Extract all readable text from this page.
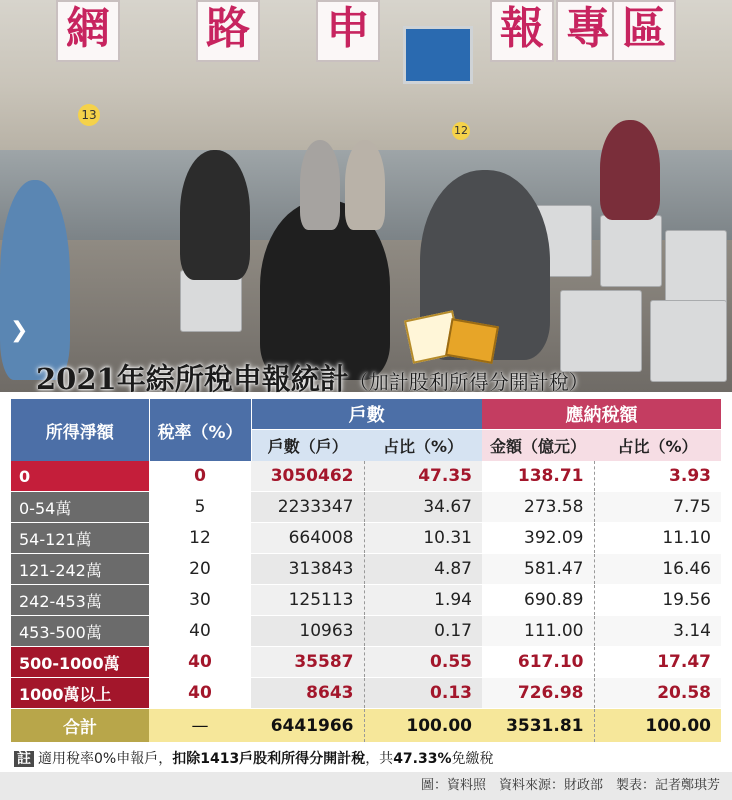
網 路 申	報 專 區
13
12
❯
2021年綜所稅申報統計（加計股利所得分開計稅）
所得淨額	稅率（%）	戶數		應納稅額	
		戶數（戶）	占比（%）	金額（億元）	占比（%）
0	0	3050462	47.35	138.71	3.93
0-54萬	5	2233347	34.67	273.58	7.75
54-121萬	12	664008	10.31	392.09	11.10
121-242萬	20	313843	4.87	581.47	16.46
242-453萬	30	125113	1.94	690.89	19.56
453-500萬	40	10963	0.17	111.00	3.14
500-1000萬	40	35587	0.55	617.10	17.47
1000萬以上	40	8643	0.13	726.98	20.58
合計	—	6441966	100.00	3531.81	100.00
註 適用稅率0%申報戶，扣除1413戶股利所得分開計稅，共47.33%免繳稅
圖：資料照　資料來源：財政部　製表：記者鄭琪芳
